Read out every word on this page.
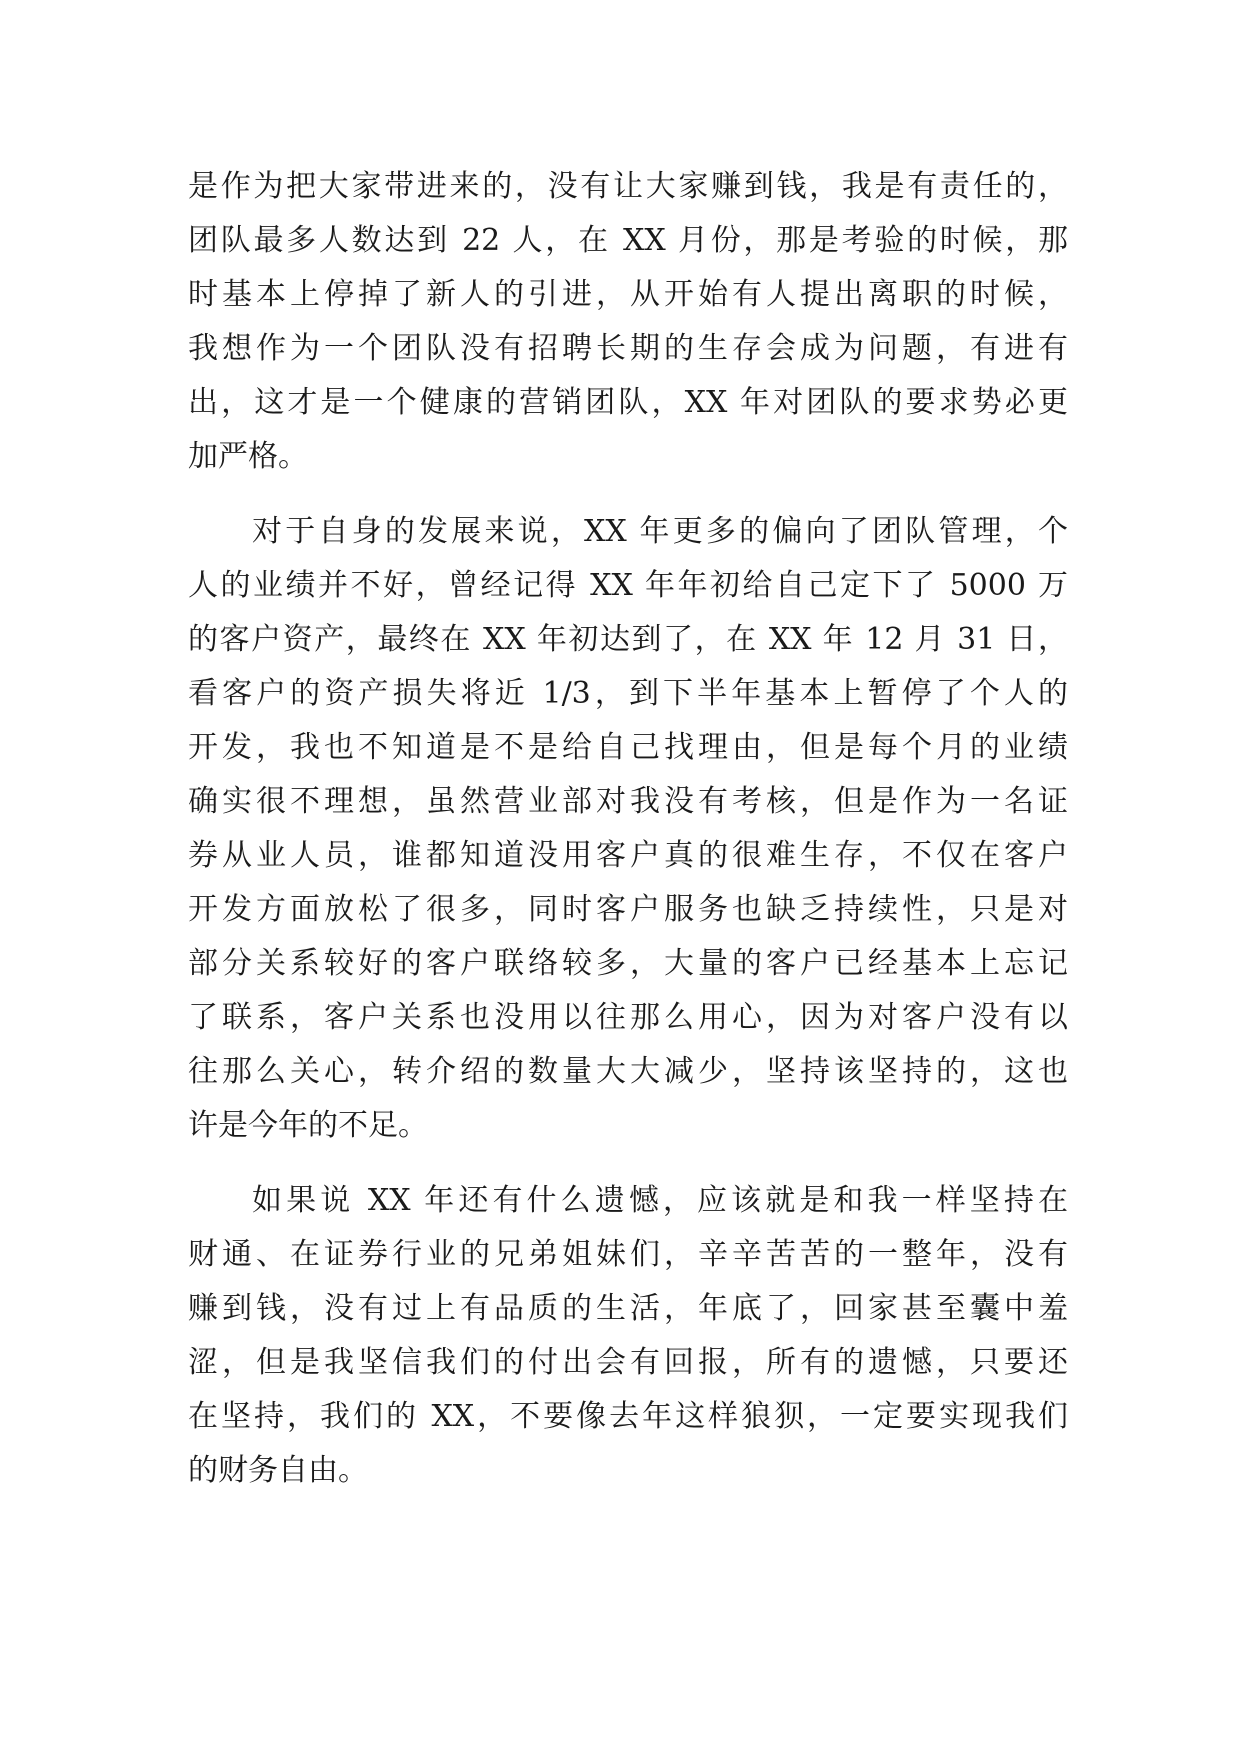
是作为把大家带进来的，没有让大家赚到钱，我是有责任的，
团队最多人数达到 22 人，在 XX 月份，那是考验的时候，那
时基本上停掉了新人的引进，从开始有人提出离职的时候，
我想作为一个团队没有招聘长期的生存会成为问题，有进有
出，这才是一个健康的营销团队，XX 年对团队的要求势必更
加严格。
对于自身的发展来说，XX 年更多的偏向了团队管理，个
人的业绩并不好，曾经记得 XX 年年初给自己定下了 5000 万
的客户资产，最终在 XX 年初达到了，在 XX 年 12 月 31 日，
看客户的资产损失将近 1/3，到下半年基本上暂停了个人的
开发，我也不知道是不是给自己找理由，但是每个月的业绩
确实很不理想，虽然营业部对我没有考核，但是作为一名证
券从业人员，谁都知道没用客户真的很难生存，不仅在客户
开发方面放松了很多，同时客户服务也缺乏持续性，只是对
部分关系较好的客户联络较多，大量的客户已经基本上忘记
了联系，客户关系也没用以往那么用心，因为对客户没有以
往那么关心，转介绍的数量大大减少，坚持该坚持的，这也
许是今年的不足。
如果说 XX 年还有什么遗憾，应该就是和我一样坚持在
财通、在证券行业的兄弟姐妹们，辛辛苦苦的一整年，没有
赚到钱，没有过上有品质的生活，年底了，回家甚至囊中羞
涩，但是我坚信我们的付出会有回报，所有的遗憾，只要还
在坚持，我们的 XX，不要像去年这样狼狈，一定要实现我们
的财务自由。
